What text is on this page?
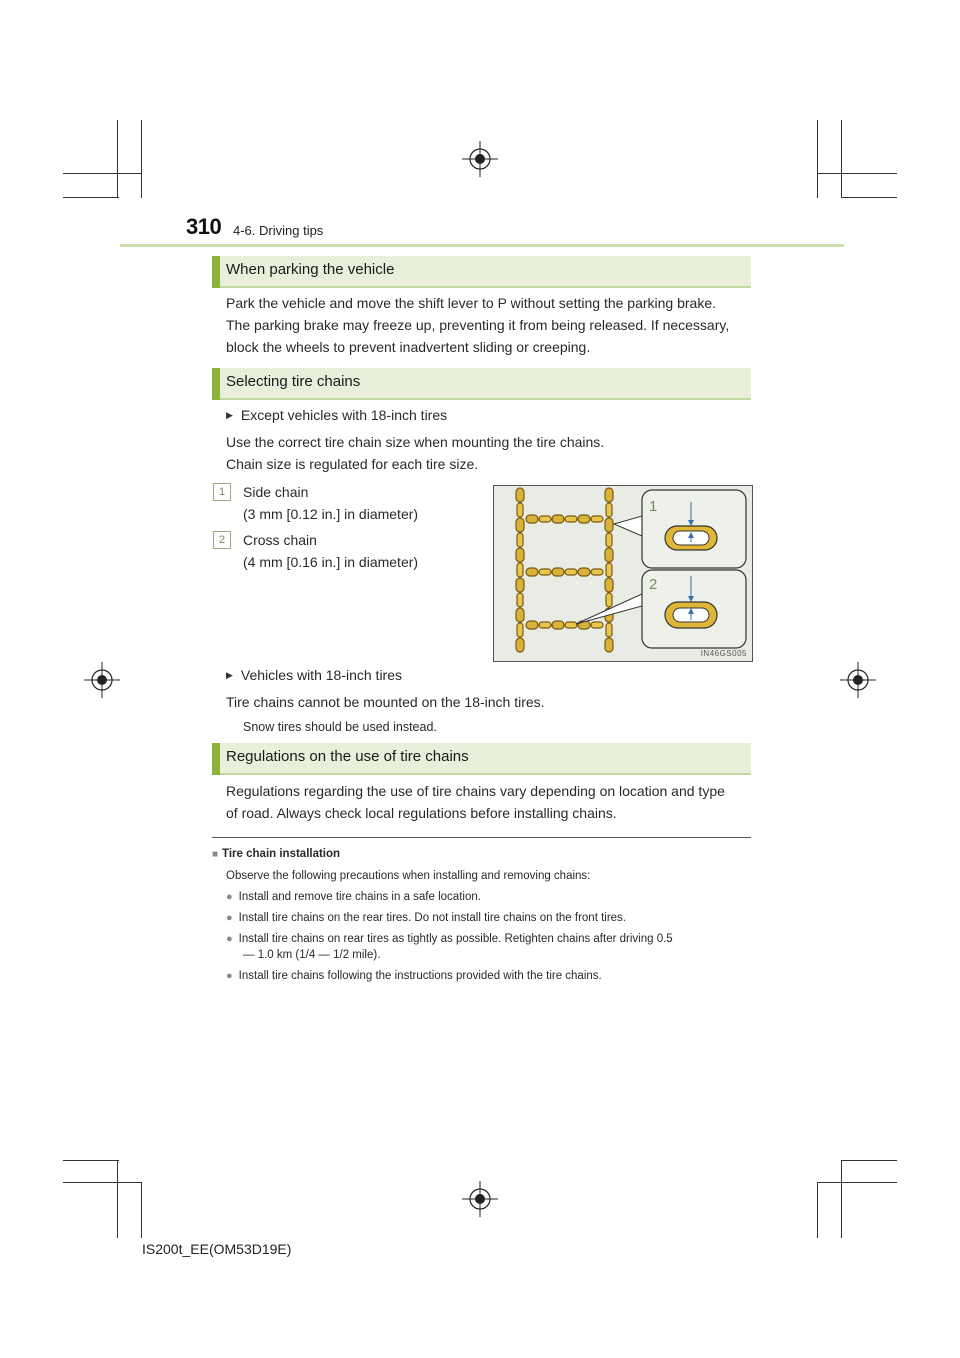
310 4-6. Driving tips
When parking the vehicle
Park the vehicle and move the shift lever to P without setting the parking brake.
The parking brake may freeze up, preventing it from being released. If necessary,
block the wheels to prevent inadvertent sliding or creeping.
Selecting tire chains
▶ Except vehicles with 18-inch tires
Use the correct tire chain size when mounting the tire chains.
Chain size is regulated for each tire size.
1	Side chain
(3 mm [0.12 in.] in diameter)
2	Cross chain
(4 mm [0.16 in.] in diameter)
1
2
IN46GS005
▶ Vehicles with 18-inch tires
Tire chains cannot be mounted on the 18-inch tires.
Snow tires should be used instead.
Regulations on the use of tire chains
Regulations regarding the use of tire chains vary depending on location and type
of road. Always check local regulations before installing chains.
■ Tire chain installation
Observe the following precautions when installing and removing chains:
● Install and remove tire chains in a safe location.
● Install tire chains on the rear tires. Do not install tire chains on the front tires.
● Install tire chains on rear tires as tightly as possible. Retighten chains after driving 0.5
— 1.0 km (1/4 — 1/2 mile).
● Install tire chains following the instructions provided with the tire chains.
IS200t_EE(OM53D19E)
